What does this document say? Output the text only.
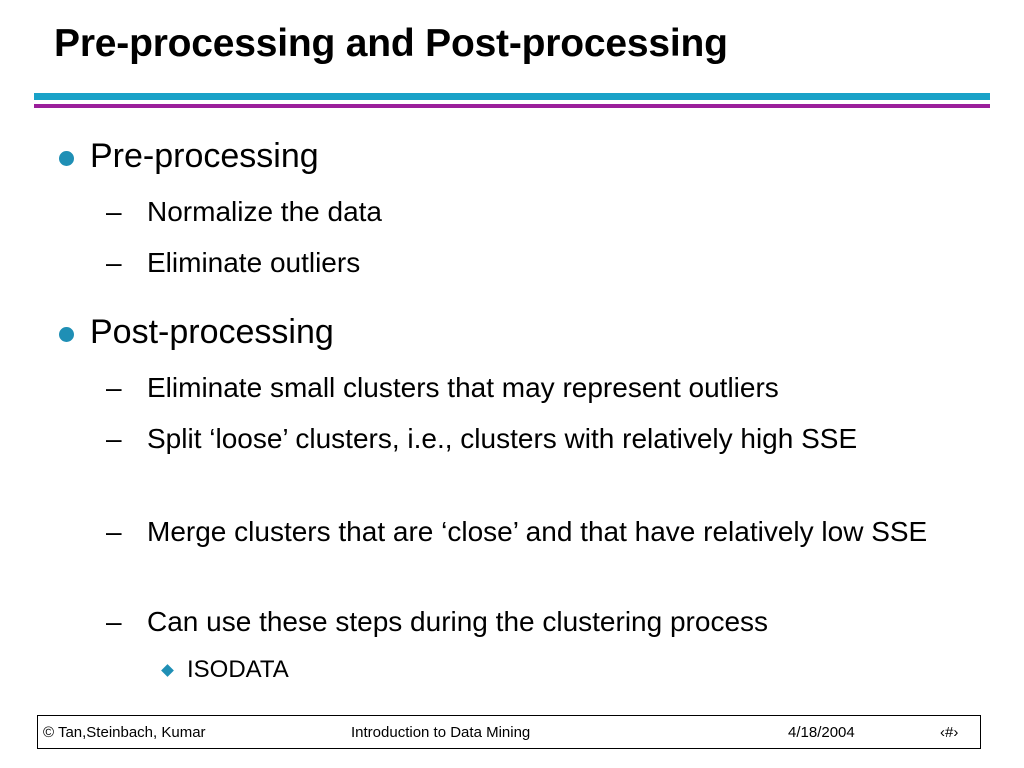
Pre-processing and Post-processing
Pre-processing
– Normalize the data
– Eliminate outliers
Post-processing
– Eliminate small clusters that may represent outliers
– Split ‘loose’ clusters, i.e., clusters with relatively high SSE
– Merge clusters that are ‘close’ and that have relatively low SSE
– Can use these steps during the clustering process
ISODATA
© Tan,Steinbach, Kumar	Introduction to Data Mining	4/18/2004	‹#›
